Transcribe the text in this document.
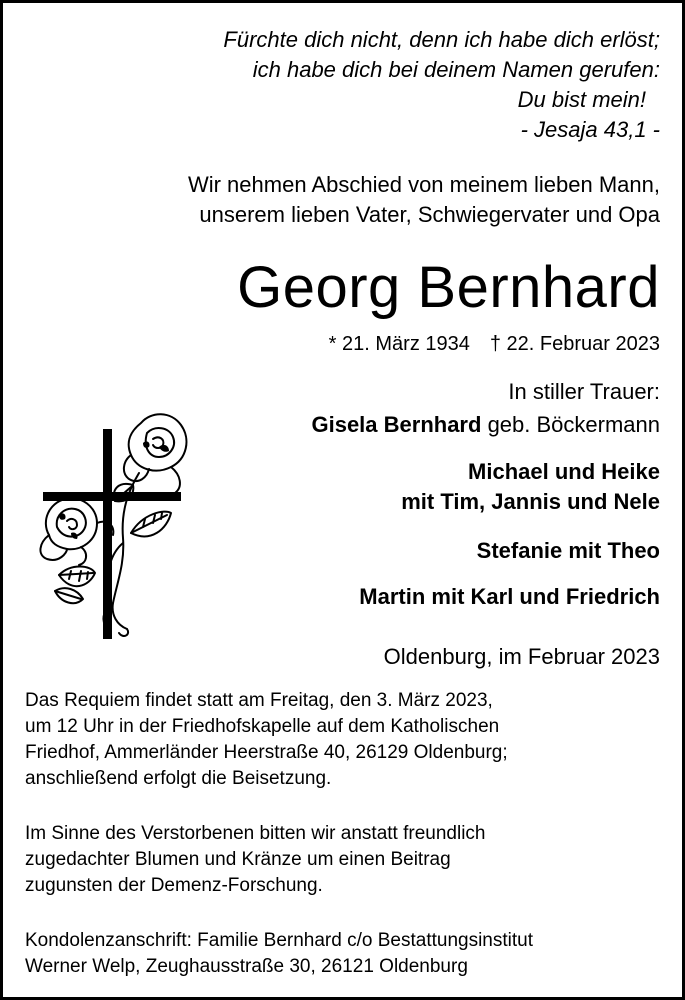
Fürchte dich nicht, denn ich habe dich erlöst;
ich habe dich bei deinem Namen gerufen:
Du bist mein!
- Jesaja 43,1 -
Wir nehmen Abschied von meinem lieben Mann,
unserem lieben Vater, Schwiegervater und Opa
Georg Bernhard
* 21. März 1934 † 22. Februar 2023
In stiller Trauer:
Gisela Bernhard geb. Böckermann
Michael und Heike
mit Tim, Jannis und Nele
Stefanie mit Theo
Martin mit Karl und Friedrich
Oldenburg, im Februar 2023
Das Requiem findet statt am Freitag, den 3. März 2023,
um 12 Uhr in der Friedhofskapelle auf dem Katholischen
Friedhof, Ammerländer Heerstraße 40, 26129 Oldenburg;
anschließend erfolgt die Beisetzung.
Im Sinne des Verstorbenen bitten wir anstatt freundlich
zugedachter Blumen und Kränze um einen Beitrag
zugunsten der Demenz-Forschung.
Kondolenzanschrift: Familie Bernhard c/o Bestattungsinstitut
Werner Welp, Zeughausstraße 30, 26121 Oldenburg
